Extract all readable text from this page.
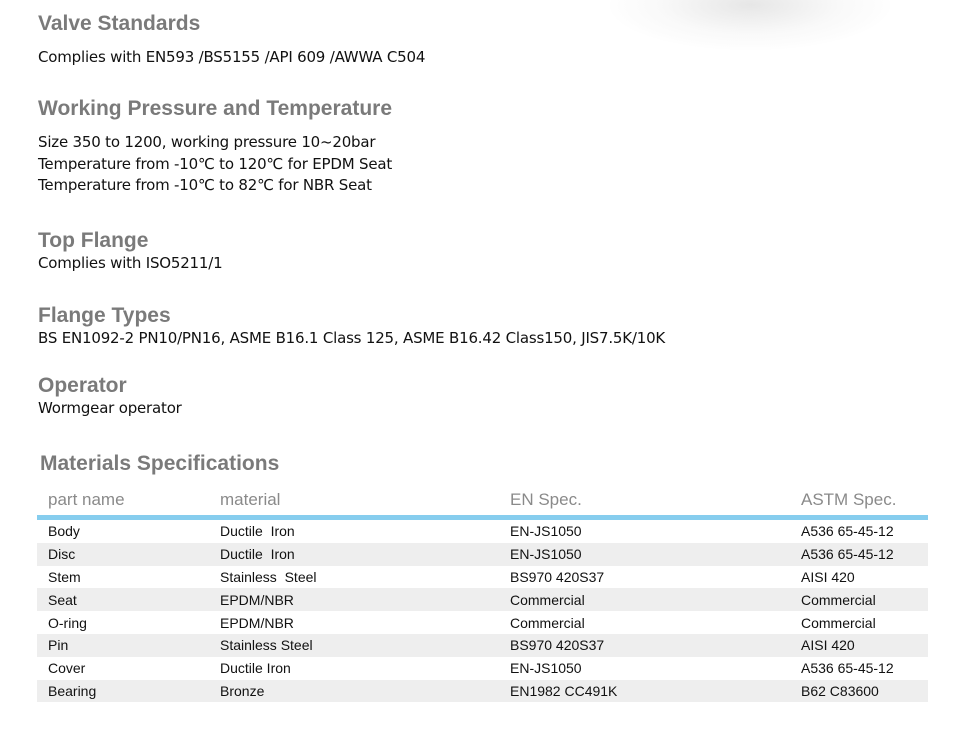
Valve Standards

Complies with EN593 /BS5155 /API 609 /AWWA C504

Working Pressure and Temperature

Size 350 to 1200, working pressure 10~20bar

Temperature from -10℃ to 120℃ for EPDM Seat

Temperature from -10℃ to 82℃ for NBR Seat

Top Flange

Complies with ISO5211/1

Flange Types

BS EN1092-2 PN10/PN16, ASME B16.1 Class 125, ASME B16.42 Class150, JIS7.5K/10K

Operator

Wormgear operator

Materials Specifications
part name	material	EN Spec.	ASTM Spec.
Body	Ductile  Iron	EN-JS1050	A536 65-45-12
Disc	Ductile  Iron	EN-JS1050	A536 65-45-12
Stem	Stainless  Steel	BS970 420S37	AISI 420
Seat	EPDM/NBR	Commercial	Commercial
O-ring	EPDM/NBR	Commercial	Commercial
Pin	Stainless Steel	BS970 420S37	AISI 420
Cover	Ductile Iron	EN-JS1050	A536 65-45-12
Bearing	Bronze	EN1982 CC491K	B62 C83600
